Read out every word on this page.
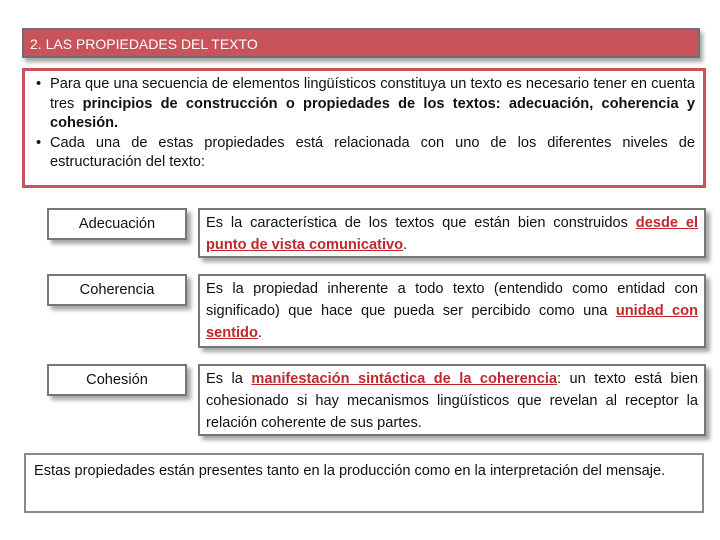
2. LAS PROPIEDADES DEL TEXTO
• Para que una secuencia de elementos lingüísticos constituya un texto es necesario tener en cuenta tres principios de construcción o propiedades de los textos: adecuación, coherencia y cohesión.
• Cada una de estas propiedades está relacionada con uno de los diferentes niveles de estructuración del texto:
Adecuación	Es la característica de los textos que están bien construidos desde el punto de vista comunicativo.
Coherencia	Es la propiedad inherente a todo texto (entendido como entidad con significado) que hace que pueda ser percibido como una unidad con sentido.
Cohesión	Es la manifestación sintáctica de la coherencia: un texto está bien cohesionado si hay mecanismos lingüísticos que revelan al receptor la relación coherente de sus partes.
Estas propiedades están presentes tanto en la producción como en la interpretación del mensaje.
